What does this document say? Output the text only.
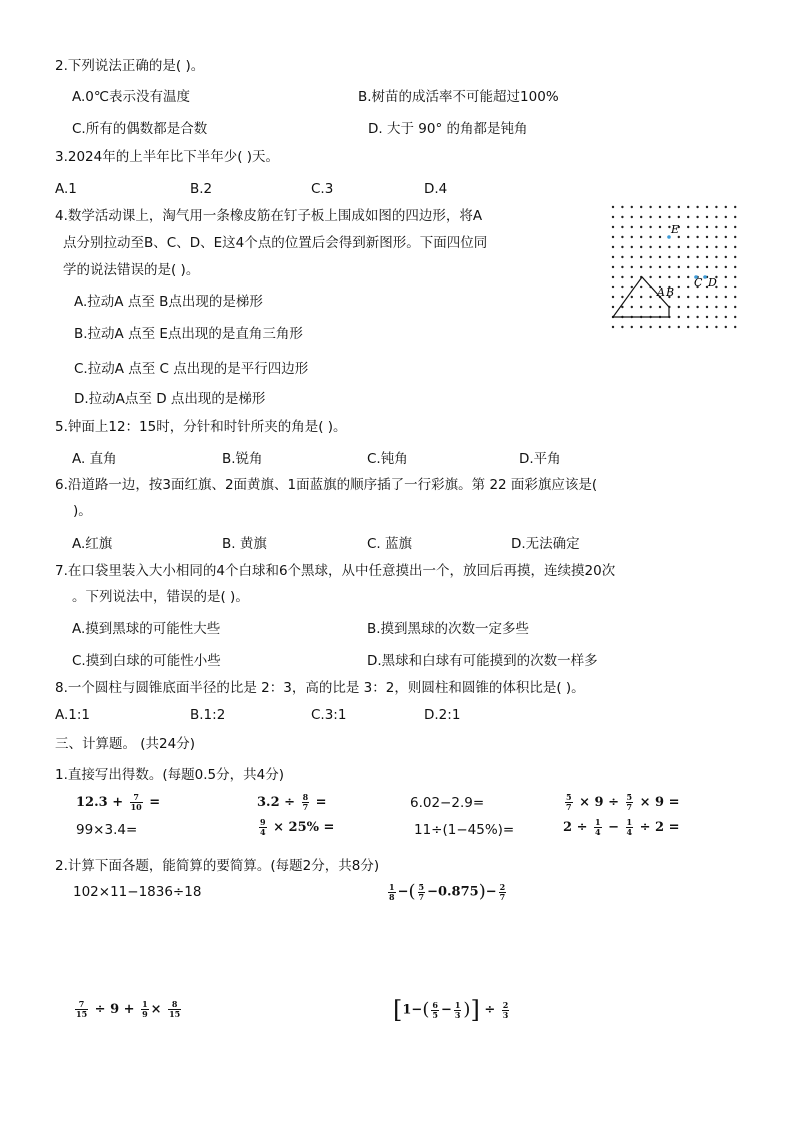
2.下列说法正确的是( )。
A.0℃表示没有温度	B.树苗的成活率不可能超过100%
C.所有的偶数都是合数	D. 大于 90° 的角都是钝角
3.2024年的上半年比下半年少( )天。
A.1	B.2	C.3	D.4
4.数学活动课上，淘气用一条橡皮筋在钉子板上围成如图的四边形，将A
点分别拉动至B、C、D、E这4个点的位置后会得到新图形。下面四位同
学的说法错误的是( )。
A.拉动A 点至 B点出现的是梯形
B.拉动A 点至 E点出现的是直角三角形
C.拉动A 点至 C 点出现的是平行四边形
D.拉动A点至 D 点出现的是梯形
E
A B
C D
5.钟面上12：15时，分针和时针所夹的角是( )。
A. 直角	B.锐角	C.钝角	D.平角
6.沿道路一边，按3面红旗、2面黄旗、1面蓝旗的顺序插了一行彩旗。第 22 面彩旗应该是(
)。
A.红旗	B. 黄旗	C. 蓝旗	D.无法确定
7.在口袋里装入大小相同的4个白球和6个黑球，从中任意摸出一个，放回后再摸，连续摸20次
。下列说法中，错误的是( )。
A.摸到黑球的可能性大些	B.摸到黑球的次数一定多些
C.摸到白球的可能性小些	D.黑球和白球有可能摸到的次数一样多
8.一个圆柱与圆锥底面半径的比是 2：3，高的比是 3：2，则圆柱和圆锥的体积比是( )。
A.1:1	B.1:2	C.3:1	D.2:1
三、计算题。 (共24分)
1.直接写出得数。(每题0.5分，共4分)
$12.3 + \frac{7}{10}$ =	$3.2 \div \frac{8}{7}$ =	6.02−2.9=	$\frac{5}{7} \times 9 \div \frac{5}{7} \times 9$ =
99×3.4=	$\frac{9}{4} \times 25\%$ =	11÷(1−45%)=	$2 \div \frac{1}{4} - \frac{1}{4} \div 2$ =
2.计算下面各题，能简算的要简算。(每题2分，共8分)
102×11−1836÷18	$\frac{1}{8}$ −( $\frac{5}{7} -0.875)- \frac{2}{7}$
$\frac{7}{15} \div 9 + \frac{1}{9} \times \frac{8}{15}$	[$1-( \frac{6}{5} - \frac{1}{3}$ )] ÷ $\frac{2}{3}$
